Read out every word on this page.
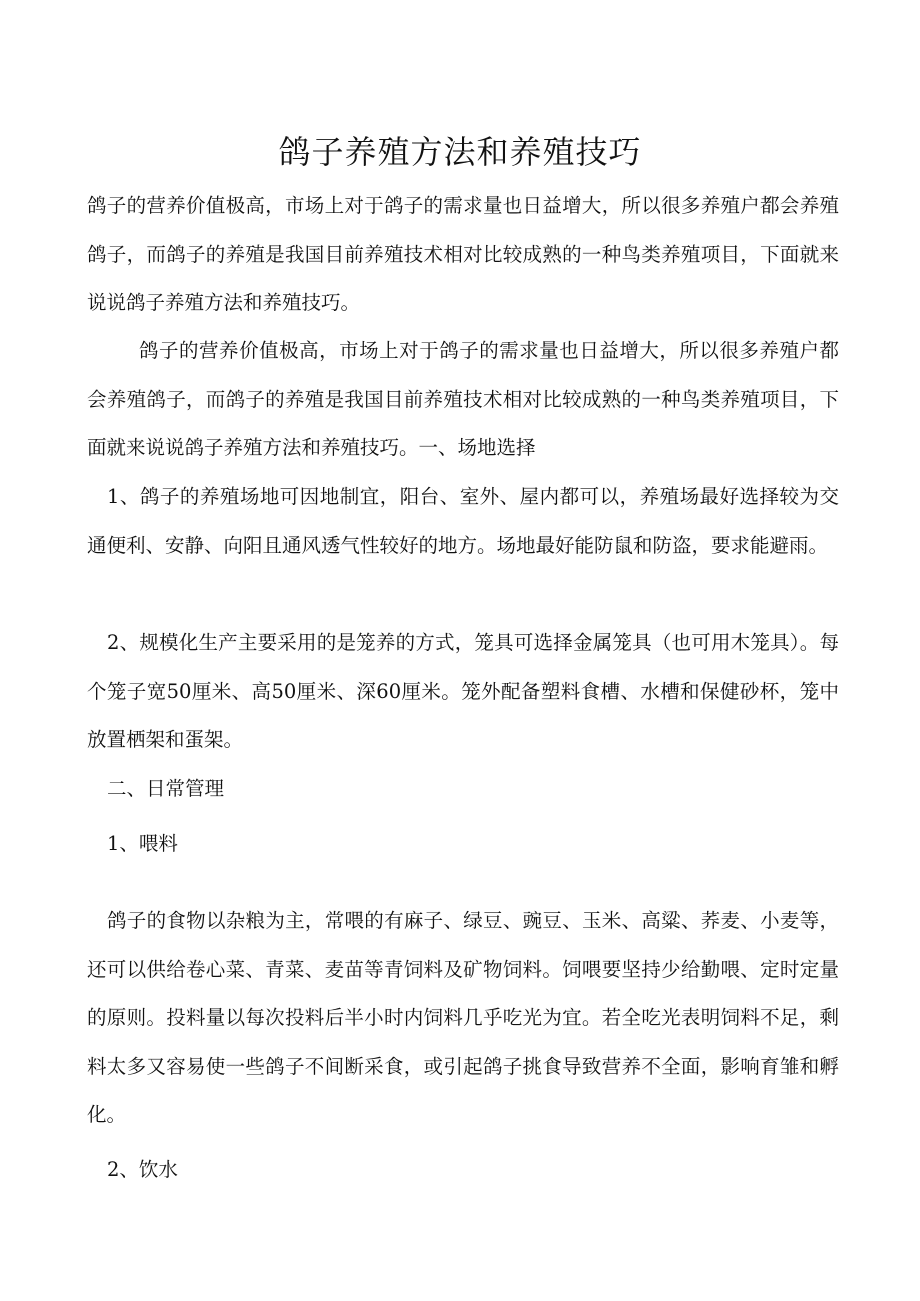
鸽子养殖方法和养殖技巧

鸽子的营养价值极高，市场上对于鸽子的需求量也日益增大，所以很多养殖户都会养殖鸽子，而鸽子的养殖是我国目前养殖技术相对比较成熟的一种鸟类养殖项目，下面就来说说鸽子养殖方法和养殖技巧。

鸽子的营养价值极高，市场上对于鸽子的需求量也日益增大，所以很多养殖户都会养殖鸽子，而鸽子的养殖是我国目前养殖技术相对比较成熟的一种鸟类养殖项目，下面就来说说鸽子养殖方法和养殖技巧。一、场地选择

1、鸽子的养殖场地可因地制宜，阳台、室外、屋内都可以，养殖场最好选择较为交通便利、安静、向阳且通风透气性较好的地方。场地最好能防鼠和防盗，要求能避雨。

2、规模化生产主要采用的是笼养的方式，笼具可选择金属笼具（也可用木笼具）。每个笼子宽50厘米、高50厘米、深60厘米。笼外配备塑料食槽、水槽和保健砂杯，笼中放置栖架和蛋架。

二、日常管理

1、喂料

鸽子的食物以杂粮为主，常喂的有麻子、绿豆、豌豆、玉米、高粱、荞麦、小麦等，还可以供给卷心菜、青菜、麦苗等青饲料及矿物饲料。饲喂要坚持少给勤喂、定时定量的原则。投料量以每次投料后半小时内饲料几乎吃光为宜。若全吃光表明饲料不足，剩料太多又容易使一些鸽子不间断采食，或引起鸽子挑食导致营养不全面，影响育雏和孵化。

2、饮水
